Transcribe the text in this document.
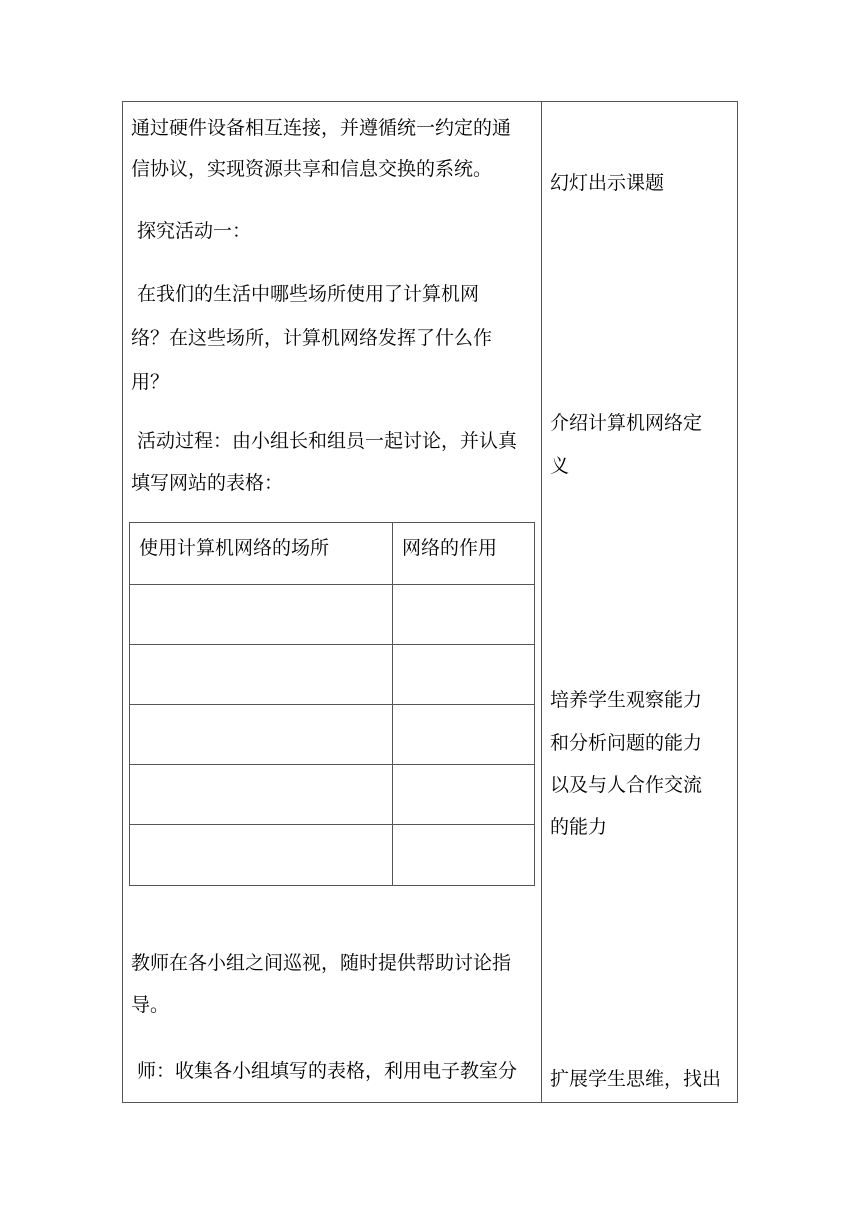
通过硬件设备相互连接，并遵循统一约定的通
信协议，实现资源共享和信息交换的系统。
探究活动一：
在我们的生活中哪些场所使用了计算机网
络？在这些场所，计算机网络发挥了什么作
用？
活动过程：由小组长和组员一起讨论，并认真
填写网站的表格：
使用计算机网络的场所	网络的作用

教师在各小组之间巡视，随时提供帮助讨论指
导。
师：收集各小组填写的表格，利用电子教室分
幻灯出示课题
介绍计算机网络定
义
培养学生观察能力
和分析问题的能力
以及与人合作交流
的能力
扩展学生思维，找出
